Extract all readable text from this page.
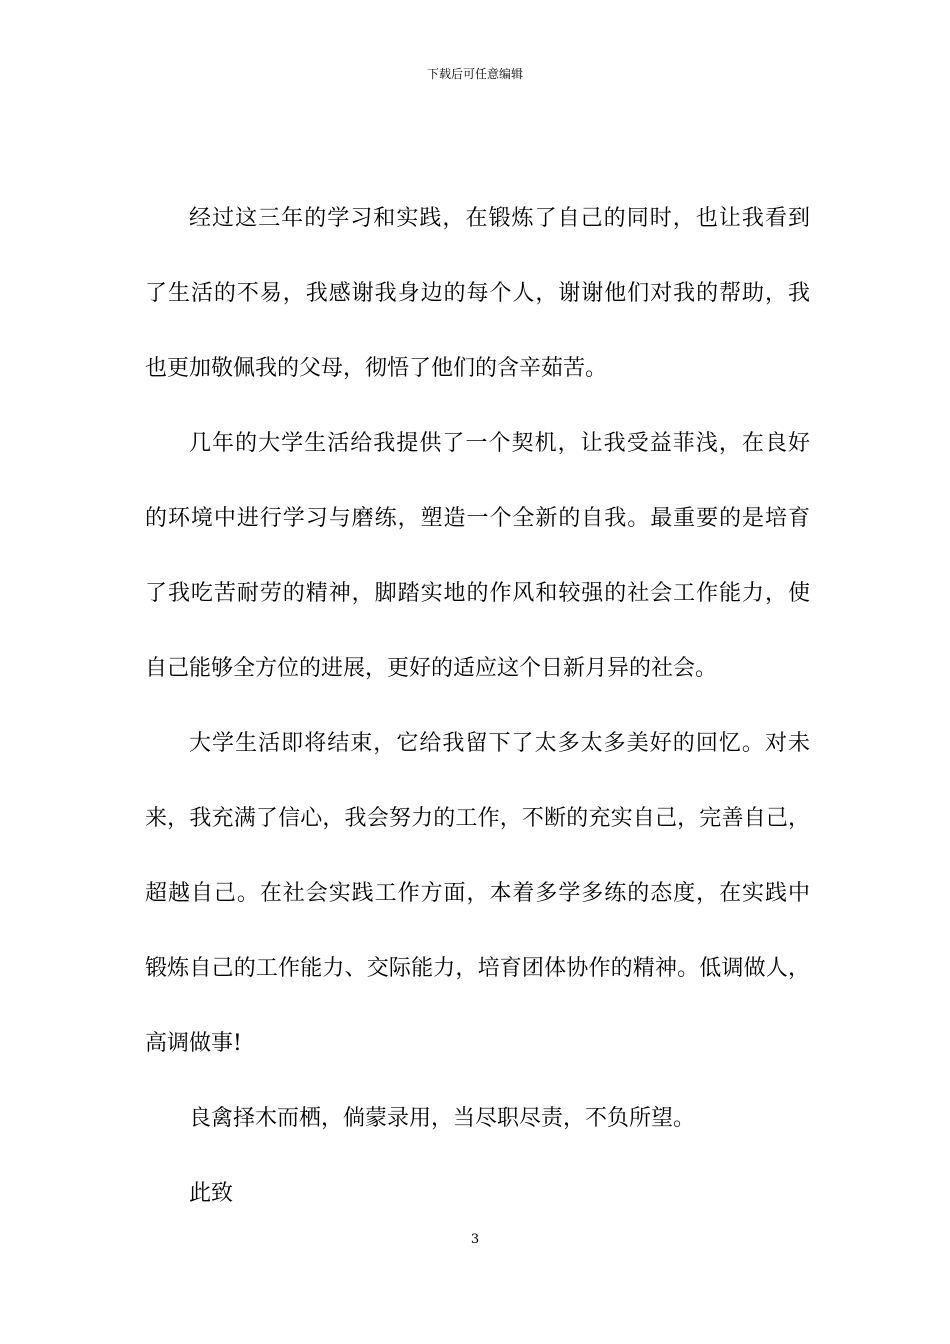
下载后可任意编辑
经过这三年的学习和实践，在锻炼了自己的同时，也让我看到
了生活的不易，我感谢我身边的每个人，谢谢他们对我的帮助，我
也更加敬佩我的父母，彻悟了他们的含辛茹苦。
几年的大学生活给我提供了一个契机，让我受益菲浅，在良好
的环境中进行学习与磨练，塑造一个全新的自我。最重要的是培育
了我吃苦耐劳的精神，脚踏实地的作风和较强的社会工作能力，使
自己能够全方位的进展，更好的适应这个日新月异的社会。
大学生活即将结束，它给我留下了太多太多美好的回忆。对未
来，我充满了信心，我会努力的工作，不断的充实自己，完善自己，
超越自己。在社会实践工作方面，本着多学多练的态度，在实践中
锻炼自己的工作能力、交际能力，培育团体协作的精神。低调做人，
高调做事!
良禽择木而栖，倘蒙录用，当尽职尽责，不负所望。
此致
3
